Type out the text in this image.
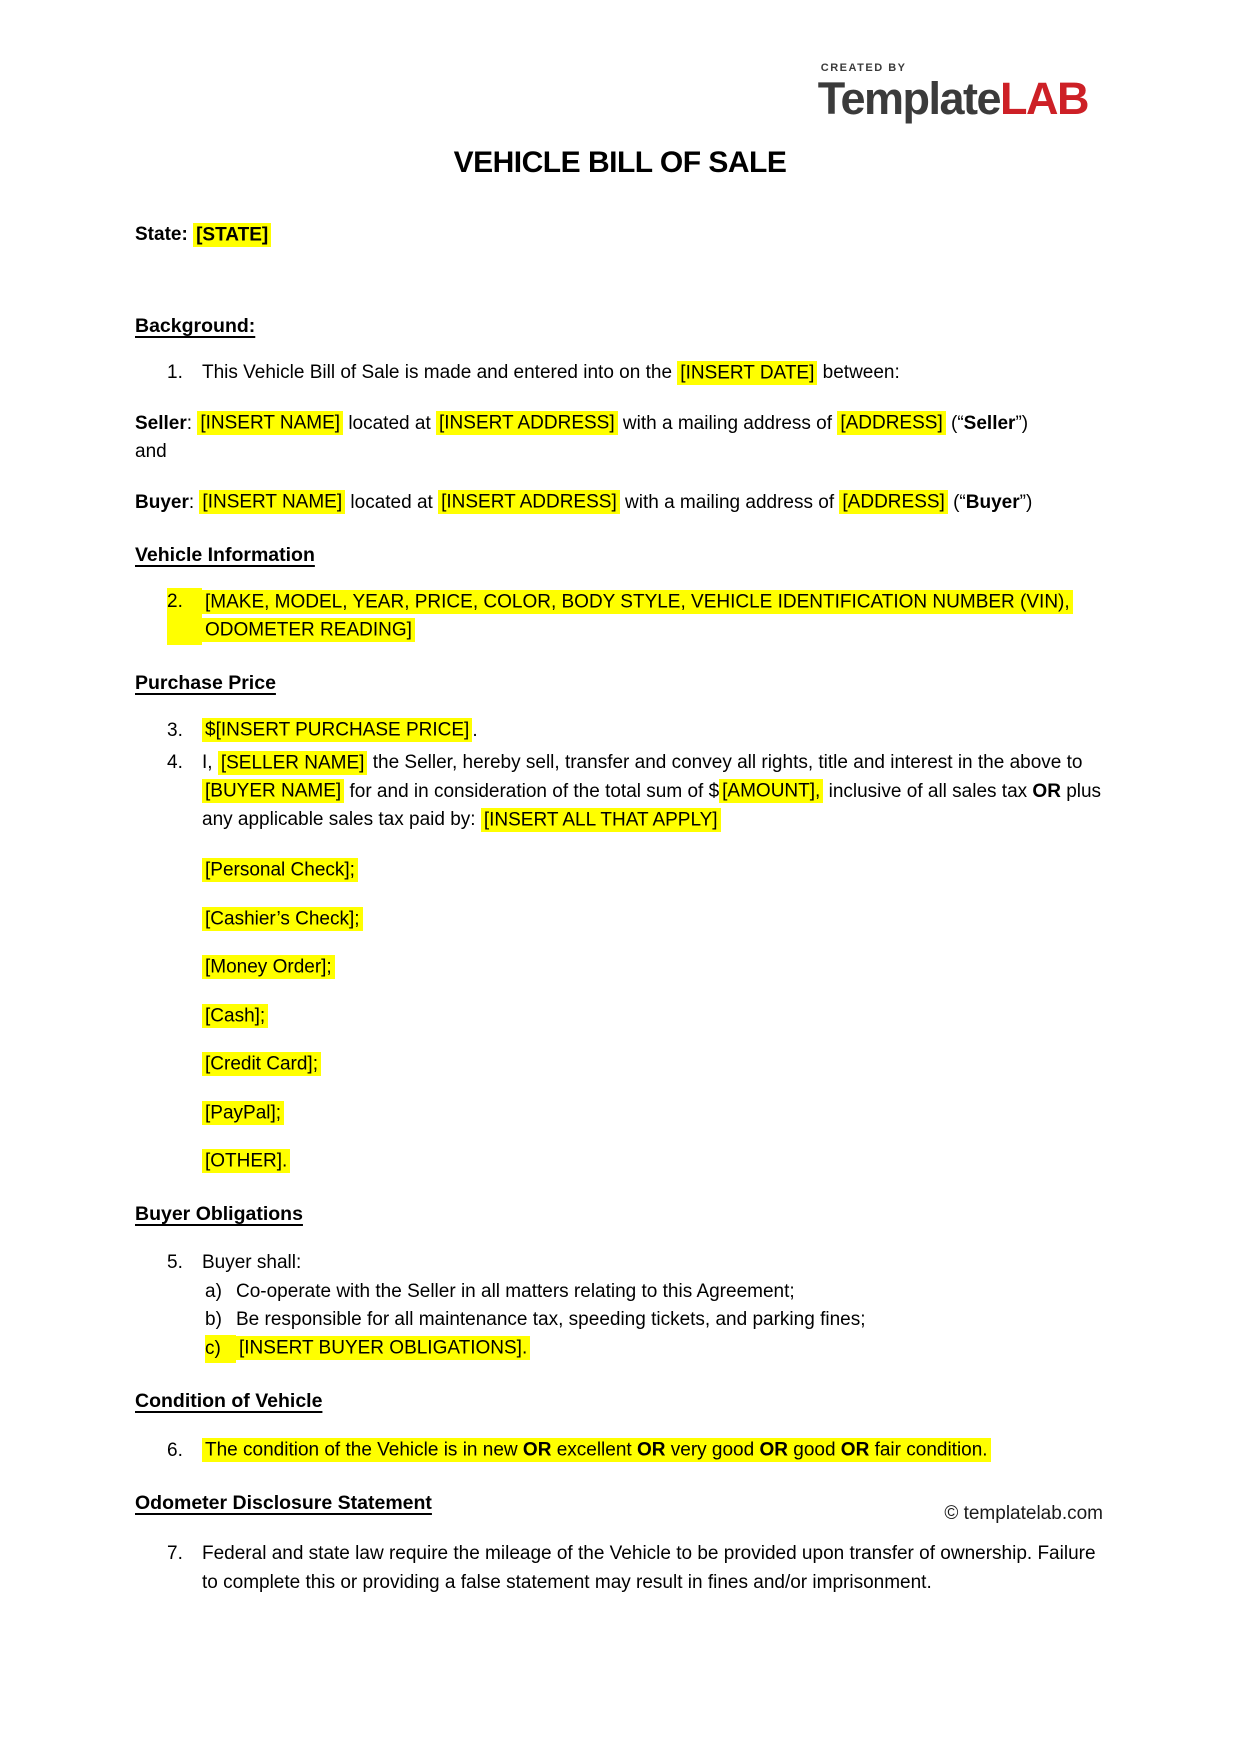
CREATED BY
TemplateLAB
VEHICLE BILL OF SALE

State: [STATE]

Background:
1.	This Vehicle Bill of Sale is made and entered into on the [INSERT DATE] between:

Seller: [INSERT NAME] located at [INSERT ADDRESS] with a mailing address of [ADDRESS] (“Seller”)
and

Buyer: [INSERT NAME] located at [INSERT ADDRESS] with a mailing address of [ADDRESS] (“Buyer”)

Vehicle Information
2.	[MAKE, MODEL, YEAR, PRICE, COLOR, BODY STYLE, VEHICLE IDENTIFICATION NUMBER (VIN), ODOMETER READING]
Purchase Price
3.	$[INSERT PURCHASE PRICE] .
4.	I, [SELLER NAME] the Seller, hereby sell, transfer and convey all rights, title and interest in the above to [BUYER NAME] for and in consideration of the total sum of $ [AMOUNT], inclusive of all sales tax OR plus any applicable sales tax paid by: [INSERT ALL THAT APPLY]

[Personal Check];

[Cashier’s Check];

[Money Order];

[Cash];

[Credit Card];

[PayPal];

[OTHER].

Buyer Obligations
5.	Buyer shall:
a) Co-operate with the Seller in all matters relating to this Agreement;
b) Be responsible for all maintenance tax, speeding tickets, and parking fines;
c) [INSERT BUYER OBLIGATIONS].
Condition of Vehicle
6.	The condition of the Vehicle is in new OR excellent OR very good OR good OR fair condition.
Odometer Disclosure Statement
7.	Federal and state law require the mileage of the Vehicle to be provided upon transfer of ownership. Failure to complete this or providing a false statement may result in fines and/or imprisonment.
© templatelab.com
